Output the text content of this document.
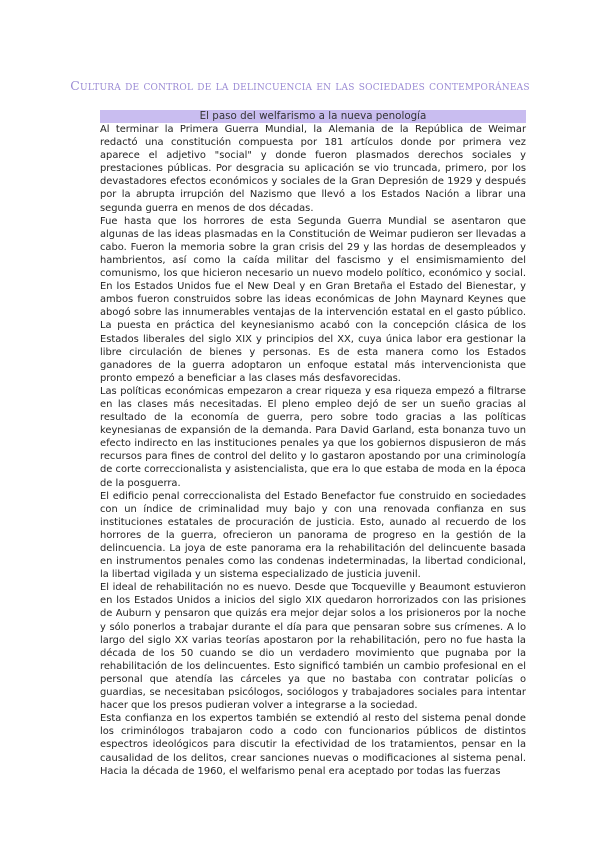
Cultura de control de la delincuencia en las sociedades contemporáneas
El paso del welfarismo a la nueva penología

Al terminar la Primera Guerra Mundial, la Alemania de la República de Weimar redactó una constitución compuesta por 181 artículos donde por primera vez aparece el adjetivo "social" y donde fueron plasmados derechos sociales y prestaciones públicas. Por desgracia su aplicación se vio truncada, primero, por los devastadores efectos económicos y sociales de la Gran Depresión de 1929 y después por la abrupta irrupción del Nazismo que llevó a los Estados Nación a librar una segunda guerra en menos de dos décadas.

Fue hasta que los horrores de esta Segunda Guerra Mundial se asentaron que algunas de las ideas plasmadas en la Constitución de Weimar pudieron ser llevadas a cabo. Fueron la memoria sobre la gran crisis del 29 y las hordas de desempleados y hambrientos, así como la caída militar del fascismo y el ensimismamiento del comunismo, los que hicieron necesario un nuevo modelo político, económico y social. En los Estados Unidos fue el New Deal y en Gran Bretaña el Estado del Bienestar, y ambos fueron construidos sobre las ideas económicas de John Maynard Keynes que abogó sobre las innumerables ventajas de la intervención estatal en el gasto público. La puesta en práctica del keynesianismo acabó con la concepción clásica de los Estados liberales del siglo XIX y principios del XX, cuya única labor era gestionar la libre circulación de bienes y personas. Es de esta manera como los Estados ganadores de la guerra adoptaron un enfoque estatal más intervencionista que pronto empezó a beneficiar a las clases más desfavorecidas.

Las políticas económicas empezaron a crear riqueza y esa riqueza empezó a filtrarse en las clases más necesitadas. El pleno empleo dejó de ser un sueño gracias al resultado de la economía de guerra, pero sobre todo gracias a las políticas keynesianas de expansión de la demanda. Para David Garland, esta bonanza tuvo un efecto indirecto en las instituciones penales ya que los gobiernos dispusieron de más recursos para fines de control del delito y lo gastaron apostando por una criminología de corte correccionalista y asistencialista, que era lo que estaba de moda en la época de la posguerra.

El edificio penal correccionalista del Estado Benefactor fue construido en sociedades con un índice de criminalidad muy bajo y con una renovada confianza en sus instituciones estatales de procuración de justicia. Esto, aunado al recuerdo de los horrores de la guerra, ofrecieron un panorama de progreso en la gestión de la delincuencia. La joya de este panorama era la rehabilitación del delincuente basada en instrumentos penales como las condenas indeterminadas, la libertad condicional, la libertad vigilada y un sistema especializado de justicia juvenil.

El ideal de rehabilitación no es nuevo. Desde que Tocqueville y Beaumont estuvieron en los Estados Unidos a inicios del siglo XIX quedaron horrorizados con las prisiones de Auburn y pensaron que quizás era mejor dejar solos a los prisioneros por la noche y sólo ponerlos a trabajar durante el día para que pensaran sobre sus crímenes. A lo largo del siglo XX varias teorías apostaron por la rehabilitación, pero no fue hasta la década de los 50 cuando se dio un verdadero movimiento que pugnaba por la rehabilitación de los delincuentes. Esto significó también un cambio profesional en el personal que atendía las cárceles ya que no bastaba con contratar policías o guardias, se necesitaban psicólogos, sociólogos y trabajadores sociales para intentar hacer que los presos pudieran volver a integrarse a la sociedad.

Esta confianza en los expertos también se extendió al resto del sistema penal donde los criminólogos trabajaron codo a codo con funcionarios públicos de distintos espectros ideológicos para discutir la efectividad de los tratamientos, pensar en la causalidad de los delitos, crear sanciones nuevas o modificaciones al sistema penal. Hacia la década de 1960, el welfarismo penal era aceptado por todas las fuerzas
